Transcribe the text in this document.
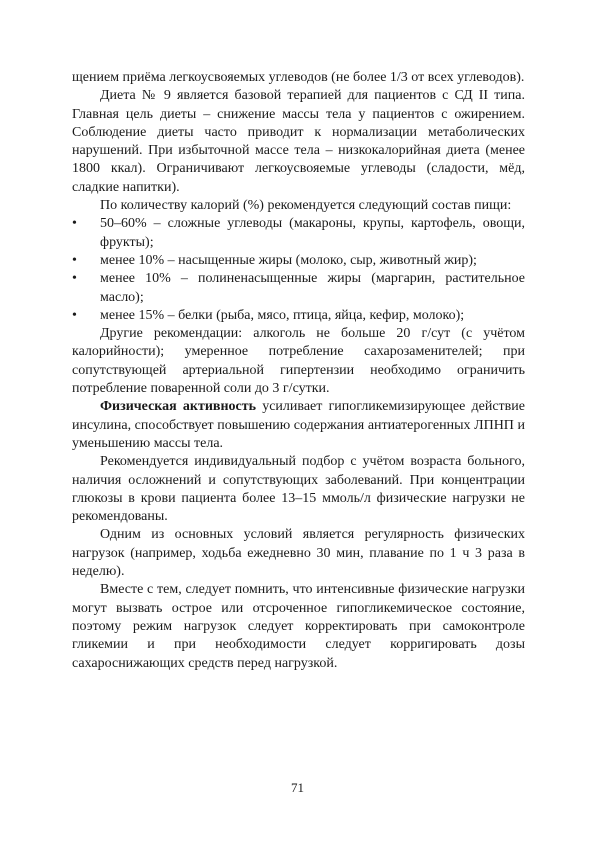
щением приёма легкоусвояемых углеводов (не более 1/3 от всех углеводов).

Диета № 9 является базовой терапией для пациентов с СД II типа. Главная цель диеты – снижение массы тела у пациентов с ожирением. Соблюдение диеты часто приводит к нормализации метаболических нарушений. При избыточной массе тела – низкокалорийная диета (менее 1800 ккал). Ограничивают легкоусвояемые углеводы (сладости, мёд, сладкие напитки).

По количеству калорий (%) рекомендуется следующий состав пищи:

• 50–60% – сложные углеводы (макароны, крупы, картофель, овощи, фрукты);
• менее 10% – насыщенные жиры (молоко, сыр, животный жир);
• менее 10% – полиненасыщенные жиры (маргарин, растительное масло);
• менее 15% – белки (рыба, мясо, птица, яйца, кефир, молоко);

Другие рекомендации: алкоголь не больше 20 г/сут (с учётом калорийности); умеренное потребление сахарозаменителей; при сопутствующей артериальной гипертензии необходимо ограничить потребление поваренной соли до 3 г/сутки.

Физическая активность усиливает гипогликемизирующее действие инсулина, способствует повышению содержания антиатерогенных ЛПНП и уменьшению массы тела.

Рекомендуется индивидуальный подбор с учётом возраста больного, наличия осложнений и сопутствующих заболеваний. При концентрации глюкозы в крови пациента более 13–15 ммоль/л физические нагрузки не рекомендованы.

Одним из основных условий является регулярность физических нагрузок (например, ходьба ежедневно 30 мин, плавание по 1 ч 3 раза в неделю).

Вместе с тем, следует помнить, что интенсивные физические нагрузки могут вызвать острое или отсроченное гипогликемическое состояние, поэтому режим нагрузок следует корректировать при самоконтроле гликемии и при необходимости следует корригировать дозы сахароснижающих средств перед нагрузкой.

71
